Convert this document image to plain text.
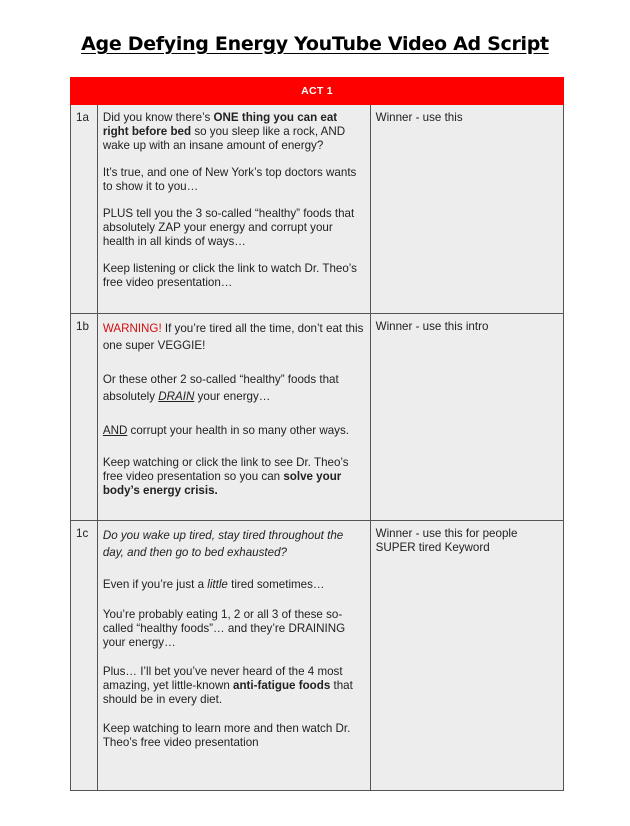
Age Defying Energy YouTube Video Ad Script
ACT 1		
1a	Did you know there’s ONE thing you can eat right before bed so you sleep like a rock, AND wake up with an insane amount of energy?

It’s true, and one of New York’s top doctors wants to show it to you…

PLUS tell you the 3 so-called “healthy” foods that absolutely ZAP your energy and corrupt your health in all kinds of ways…

Keep listening or click the link to watch Dr. Theo’s free video presentation…	Winner - use this
1b	WARNING! If you’re tired all the time, don’t eat this one super VEGGIE!

Or these other 2 so-called “healthy” foods that absolutely DRAIN your energy…

AND corrupt your health in so many other ways.

Keep watching or click the link to see Dr. Theo’s free video presentation so you can solve your body’s energy crisis.	Winner - use this intro
1c	Do you wake up tired, stay tired throughout the day, and then go to bed exhausted?

Even if you’re just a little tired sometimes…

You’re probably eating 1, 2 or all 3 of these so-called “healthy foods”… and they’re DRAINING your energy…

Plus… I’ll bet you’ve never heard of the 4 most amazing, yet little-known anti-fatigue foods that should be in every diet.

Keep watching to learn more and then watch Dr. Theo’s free video presentation	Winner - use this for people SUPER tired Keyword
